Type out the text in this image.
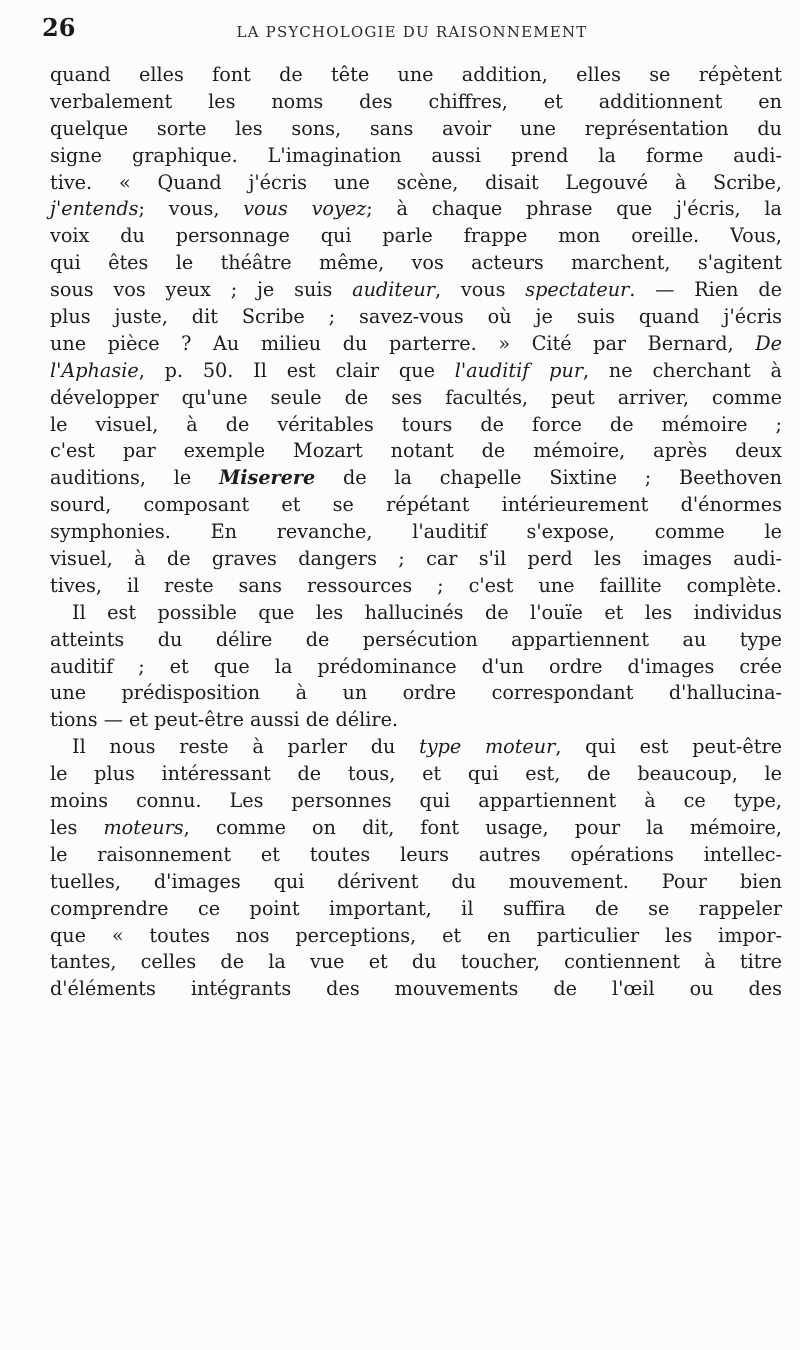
26	LA PSYCHOLOGIE DU RAISONNEMENT
quand elles font de tête une addition, elles se répètent
verbalement les noms des chiffres, et additionnent en
quelque sorte les sons, sans avoir une représentation du
signe graphique. L'imagination aussi prend la forme audi-
tive. « Quand j'écris une scène, disait Legouvé à Scribe,
j'entends; vous, vous voyez; à chaque phrase que j'écris, la
voix du personnage qui parle frappe mon oreille. Vous,
qui êtes le théâtre même, vos acteurs marchent, s'agitent
sous vos yeux ; je suis auditeur, vous spectateur. — Rien de
plus juste, dit Scribe ; savez-vous où je suis quand j'écris
une pièce ? Au milieu du parterre. » Cité par Bernard, De
l'Aphasie, p. 50. Il est clair que l'auditif pur, ne cherchant à
développer qu'une seule de ses facultés, peut arriver, comme
le visuel, à de véritables tours de force de mémoire ;
c'est par exemple Mozart notant de mémoire, après deux
auditions, le Miserere de la chapelle Sixtine ; Beethoven
sourd, composant et se répétant intérieurement d'énormes
symphonies. En revanche, l'auditif s'expose, comme le
visuel, à de graves dangers ; car s'il perd les images audi-
tives, il reste sans ressources ; c'est une faillite complète.
Il est possible que les hallucinés de l'ouïe et les individus
atteints du délire de persécution appartiennent au type
auditif ; et que la prédominance d'un ordre d'images crée
une prédisposition à un ordre correspondant d'hallucina-
tions — et peut-être aussi de délire.
Il nous reste à parler du type moteur, qui est peut-être
le plus intéressant de tous, et qui est, de beaucoup, le
moins connu. Les personnes qui appartiennent à ce type,
les moteurs, comme on dit, font usage, pour la mémoire,
le raisonnement et toutes leurs autres opérations intellec-
tuelles, d'images qui dérivent du mouvement. Pour bien
comprendre ce point important, il suffira de se rappeler
que « toutes nos perceptions, et en particulier les impor-
tantes, celles de la vue et du toucher, contiennent à titre
d'éléments intégrants des mouvements de l'œil ou des
